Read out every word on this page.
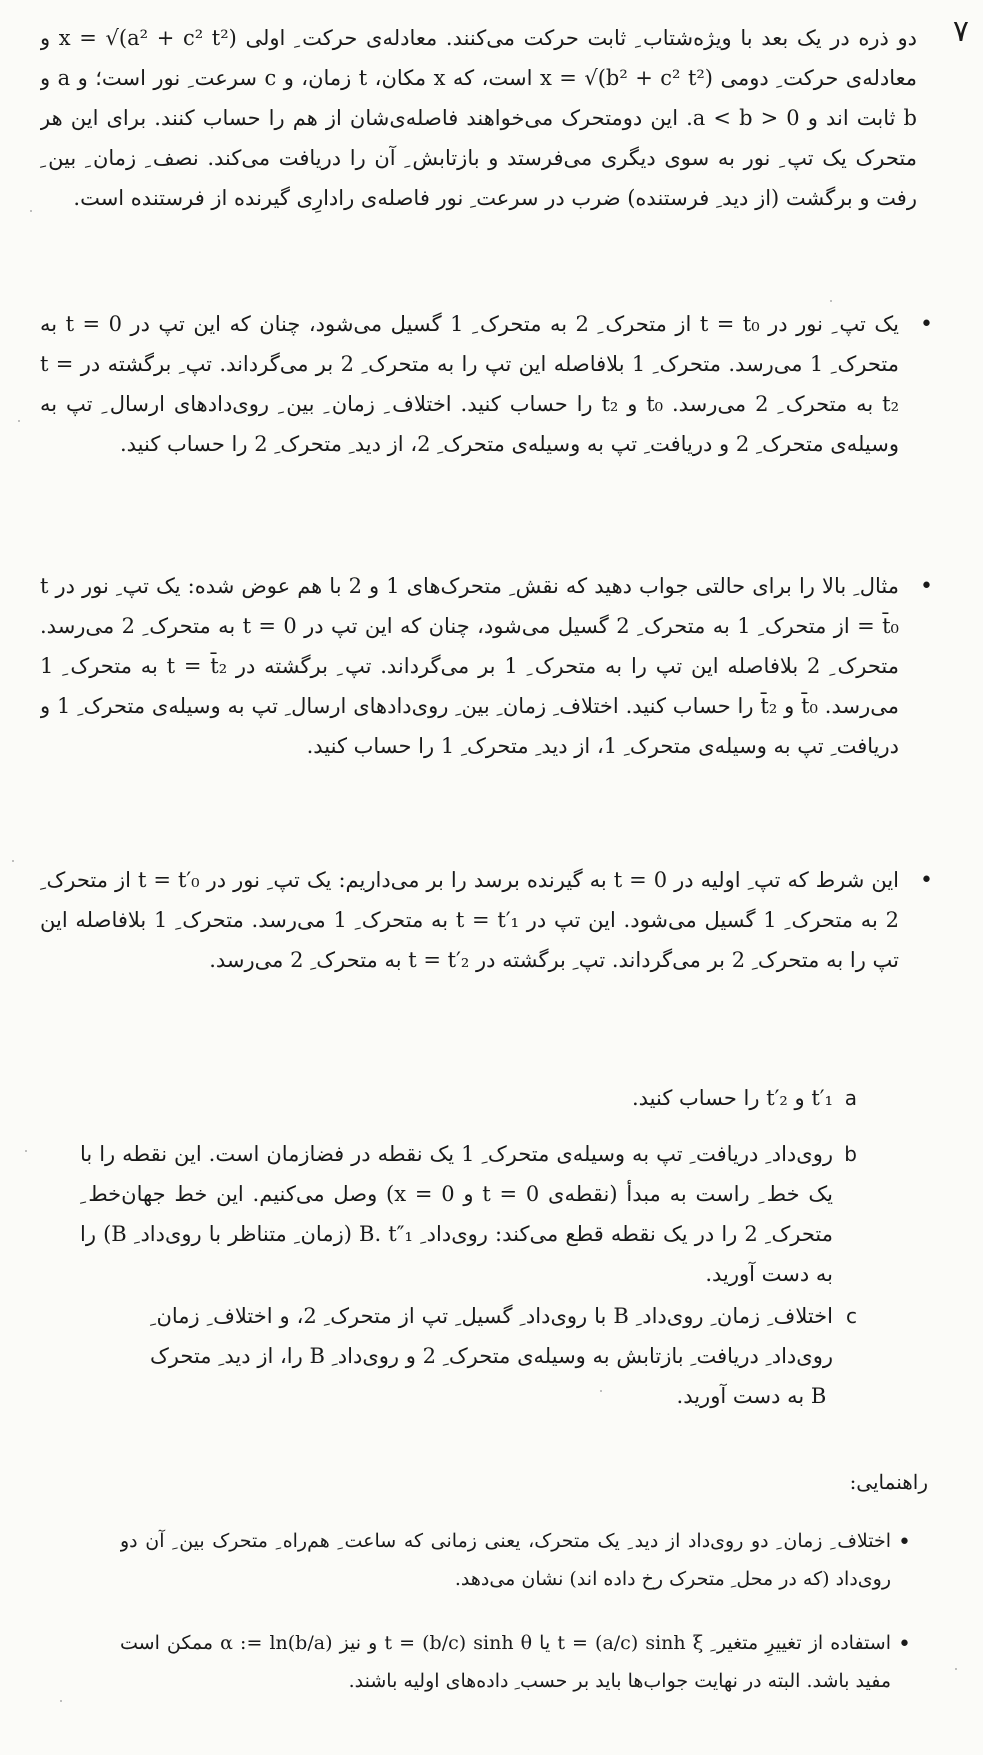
۷
دو ذره در یک بعد با ویژه‌شتاب ِ ثابت حرکت می‌کنند. معادله‌ی حرکت ِ اولی x = √(a² + c² t²) و معادله‌ی حرکت ِ دومی x = √(b² + c² t²) است، که x مکان، t زمان، و c سرعت ِ نور است؛ و a و b ثابت اند و 0 < a < b. این دومتحرک می‌خواهند فاصله‌ی‌شان از هم را حساب کنند. برای این هر متحرک یک تپ ِ نور به سوی دیگری می‌فرستد و بازتابش ِ آن را دریافت می‌کند. نصف ِ زمان ِ بین ِ رفت و برگشت (از دید ِ فرستنده) ضرب در سرعت ِ نور فاصله‌ی رادارِی گیرنده از فرستنده است.
•
یک تپ ِ نور در t = t₀ از متحرک ِ 2 به متحرک ِ 1 گسیل می‌شود، چنان که این تپ در t = 0 به متحرک ِ 1 می‌رسد. متحرک ِ 1 بلافاصله این تپ را به متحرک ِ 2 بر می‌گرداند. تپ ِ برگشته در t = t₂ به متحرک ِ 2 می‌رسد. t₀ و t₂ را حساب کنید. اختلاف ِ زمان ِ بین ِ روی‌دادهای ارسال ِ تپ به وسیله‌ی متحرک ِ 2 و دریافت ِ تپ به وسیله‌ی متحرک ِ 2، از دید ِ متحرک ِ 2 را حساب کنید.
•
مثال ِ بالا را برای حالتی جواب دهید که نقش ِ متحرک‌های 1 و 2 با هم عوض شده: یک تپ ِ نور در t = t̄₀ از متحرک ِ 1 به متحرک ِ 2 گسیل می‌شود، چنان که این تپ در t = 0 به متحرک ِ 2 می‌رسد. متحرک ِ 2 بلافاصله این تپ را به متحرک ِ 1 بر می‌گرداند. تپ ِ برگشته در t = t̄₂ به متحرک ِ 1 می‌رسد. t̄₀ و t̄₂ را حساب کنید. اختلاف ِ زمان ِ بین ِ روی‌دادهای ارسال ِ تپ به وسیله‌ی متحرک ِ 1 و دریافت ِ تپ به وسیله‌ی متحرک ِ 1، از دید ِ متحرک ِ 1 را حساب کنید.
•
این شرط که تپ ِ اولیه در t = 0 به گیرنده برسد را بر می‌داریم: یک تپ ِ نور در t = t′₀ از متحرک ِ 2 به متحرک ِ 1 گسیل می‌شود. این تپ در t = t′₁ به متحرک ِ 1 می‌رسد. متحرک ِ 1 بلافاصله این تپ را به متحرک ِ 2 بر می‌گرداند. تپ ِ برگشته در t = t′₂ به متحرک ِ 2 می‌رسد.
a
t′₁ و t′₂ را حساب کنید.
b
روی‌داد ِ دریافت ِ تپ به وسیله‌ی متحرک ِ 1 یک نقطه در فضازمان است. این نقطه را با یک خط ِ راست به مبدأ (نقطه‌ی t = 0 و x = 0) وصل می‌کنیم. این خط جهان‌خط ِ متحرک ِ 2 را در یک نقطه قطع می‌کند: روی‌داد ِ B. t″₁ (زمان ِ متناظر با روی‌داد ِ B) را به دست آورید.
c
اختلاف ِ زمان ِ روی‌داد ِ B با روی‌داد ِ گسیل ِ تپ از متحرک ِ 2، و اختلاف ِ زمان ِ روی‌داد ِ دریافت ِ بازتابش به وسیله‌ی متحرک ِ 2 و روی‌داد ِ B را، از دید ِ متحرک ِ B به دست آورید.
راهنمایی:
•
اختلاف ِ زمان ِ دو روی‌داد از دید ِ یک متحرک، یعنی زمانی که ساعت ِ هم‌راه ِ متحرک بین ِ آن دو روی‌داد (که در محل ِ متحرک رخ داده اند) نشان می‌دهد.
•
استفاده از تغییرِ متغیر ِ t = (a/c) sinh ξ یا t = (b/c) sinh θ و نیز α := ln(b/a) ممکن است مفید باشد. البته در نهایت جواب‌ها باید بر حسب ِ داده‌های اولیه باشند.
